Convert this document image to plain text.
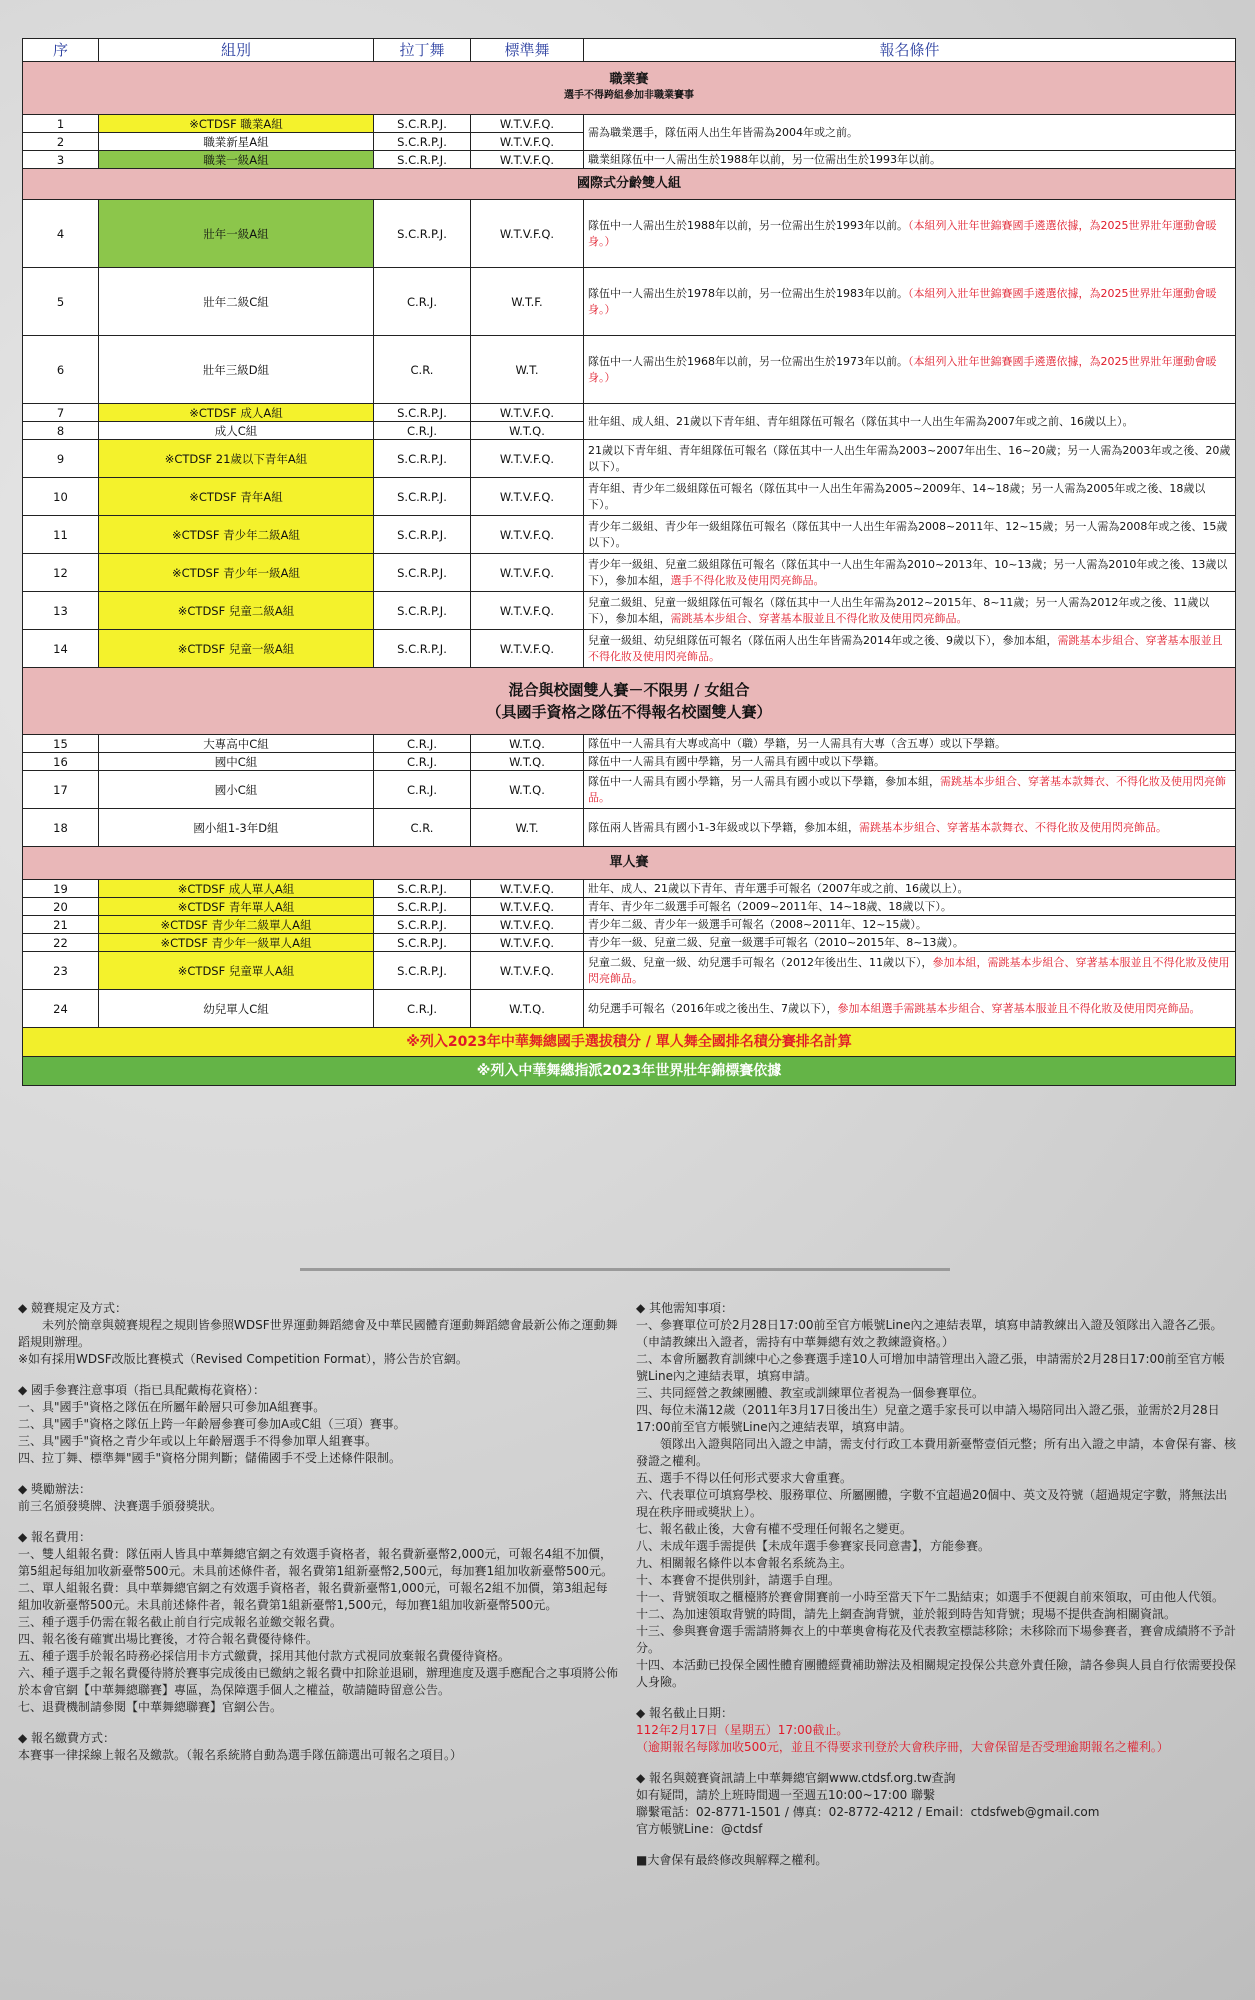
序	組別	拉丁舞	標準舞	報名條件

職業賽
選手不得跨組參加非職業賽事				

1	※CTDSF 職業A組	S.C.R.P.J.	W.T.V.F.Q.	需為職業選手，隊伍兩人出生年皆需為2004年或之前。
2	職業新星A組	S.C.R.P.J.	W.T.V.F.Q.	
3	職業一級A組	S.C.R.P.J.	W.T.V.F.Q.	職業組隊伍中一人需出生於1988年以前，另一位需出生於1993年以前。

國際式分齡雙人組				

4	壯年一級A組	S.C.R.P.J.	W.T.V.F.Q.	隊伍中一人需出生於1988年以前，另一位需出生於1993年以前。（本組列入壯年世錦賽國手遴選依據，為2025世界壯年運動會暖身。）
5	壯年二級C組	C.R.J.	W.T.F.	隊伍中一人需出生於1978年以前，另一位需出生於1983年以前。（本組列入壯年世錦賽國手遴選依據，為2025世界壯年運動會暖身。）
6	壯年三級D組	C.R.	W.T.	隊伍中一人需出生於1968年以前，另一位需出生於1973年以前。（本組列入壯年世錦賽國手遴選依據，為2025世界壯年運動會暖身。）
7	※CTDSF 成人A組	S.C.R.P.J.	W.T.V.F.Q.	壯年組、成人組、21歲以下青年組、青年組隊伍可報名（隊伍其中一人出生年需為2007年或之前、16歲以上）。
8	成人C組	C.R.J.	W.T.Q.	
9	※CTDSF 21歲以下青年A組	S.C.R.P.J.	W.T.V.F.Q.	21歲以下青年組、青年組隊伍可報名（隊伍其中一人出生年需為2003~2007年出生、16~20歲；另一人需為2003年或之後、20歲以下）。
10	※CTDSF 青年A組	S.C.R.P.J.	W.T.V.F.Q.	青年組、青少年二級組隊伍可報名（隊伍其中一人出生年需為2005~2009年、14~18歲；另一人需為2005年或之後、18歲以下）。
11	※CTDSF 青少年二級A組	S.C.R.P.J.	W.T.V.F.Q.	青少年二級組、青少年一級組隊伍可報名（隊伍其中一人出生年需為2008~2011年、12~15歲；另一人需為2008年或之後、15歲以下）。
12	※CTDSF 青少年一級A組	S.C.R.P.J.	W.T.V.F.Q.	青少年一級組、兒童二級組隊伍可報名（隊伍其中一人出生年需為2010~2013年、10~13歲；另一人需為2010年或之後、13歲以下），參加本組，選手不得化妝及使用閃亮飾品。
13	※CTDSF 兒童二級A組	S.C.R.P.J.	W.T.V.F.Q.	兒童二級組、兒童一級組隊伍可報名（隊伍其中一人出生年需為2012~2015年、8~11歲；另一人需為2012年或之後、11歲以下），參加本組，需跳基本步組合、穿著基本服並且不得化妝及使用閃亮飾品。
14	※CTDSF 兒童一級A組	S.C.R.P.J.	W.T.V.F.Q.	兒童一級組、幼兒組隊伍可報名（隊伍兩人出生年皆需為2014年或之後、9歲以下），參加本組，需跳基本步組合、穿著基本服並且不得化妝及使用閃亮飾品。

混合與校園雙人賽－不限男 / 女組合
（具國手資格之隊伍不得報名校園雙人賽）				

15	大專高中C組	C.R.J.	W.T.Q.	隊伍中一人需具有大專或高中（職）學籍，另一人需具有大專（含五專）或以下學籍。
16	國中C組	C.R.J.	W.T.Q.	隊伍中一人需具有國中學籍，另一人需具有國中或以下學籍。
17	國小C組	C.R.J.	W.T.Q.	隊伍中一人需具有國小學籍，另一人需具有國小或以下學籍，參加本組，需跳基本步組合、穿著基本款舞衣、不得化妝及使用閃亮飾品。
18	國小組1-3年D組	C.R.	W.T.	隊伍兩人皆需具有國小1-3年級或以下學籍，參加本組，需跳基本步組合、穿著基本款舞衣、不得化妝及使用閃亮飾品。

單人賽				

19	※CTDSF 成人單人A組	S.C.R.P.J.	W.T.V.F.Q.	壯年、成人、21歲以下青年、青年選手可報名（2007年或之前、16歲以上）。
20	※CTDSF 青年單人A組	S.C.R.P.J.	W.T.V.F.Q.	青年、青少年二級選手可報名（2009~2011年、14~18歲、18歲以下）。
21	※CTDSF 青少年二級單人A組	S.C.R.P.J.	W.T.V.F.Q.	青少年二級、青少年一級選手可報名（2008~2011年、12~15歲）。
22	※CTDSF 青少年一級單人A組	S.C.R.P.J.	W.T.V.F.Q.	青少年一級、兒童二級、兒童一級選手可報名（2010~2015年、8~13歲）。
23	※CTDSF 兒童單人A組	S.C.R.P.J.	W.T.V.F.Q.	兒童二級、兒童一級、幼兒選手可報名（2012年後出生、11歲以下），參加本組，需跳基本步組合、穿著基本服並且不得化妝及使用閃亮飾品。
24	幼兒單人C組	C.R.J.	W.T.Q.	幼兒選手可報名（2016年或之後出生、7歲以下），參加本組選手需跳基本步組合、穿著基本服並且不得化妝及使用閃亮飾品。
※列入2023年中華舞總國手選拔積分 / 單人舞全國排名積分賽排名計算				
※列入中華舞總指派2023年世界壯年錦標賽依據				
◆ 競賽規定及方式：
　　未列於簡章與競賽規程之規則皆參照WDSF世界運動舞蹈總會及中華民國體育運動舞蹈總會最新公佈之運動舞蹈規則辦理。
※如有採用WDSF改版比賽模式（Revised Competition Format），將公告於官網。
◆ 國手參賽注意事項（指已具配戴梅花資格）：
一、具"國手"資格之隊伍在所屬年齡層只可參加A組賽事。
二、具"國手"資格之隊伍上跨一年齡層參賽可參加A或C組（三項）賽事。
三、具"國手"資格之青少年或以上年齡層選手不得參加單人組賽事。
四、拉丁舞、標準舞"國手"資格分開判斷；儲備國手不受上述條件限制。
◆ 獎勵辦法：
前三名頒發獎牌、決賽選手頒發獎狀。
◆ 報名費用：
一、雙人組報名費：隊伍兩人皆具中華舞總官網之有效選手資格者，報名費新臺幣2,000元，可報名4組不加價，第5組起每組加收新臺幣500元。未具前述條件者，報名費第1組新臺幣2,500元，每加賽1組加收新臺幣500元。
二、單人組報名費：具中華舞總官網之有效選手資格者，報名費新臺幣1,000元，可報名2組不加價，第3組起每組加收新臺幣500元。未具前述條件者，報名費第1組新臺幣1,500元，每加賽1組加收新臺幣500元。
三、種子選手仍需在報名截止前自行完成報名並繳交報名費。
四、報名後有確實出場比賽後，才符合報名費優待條件。
五、種子選手於報名時務必採信用卡方式繳費，採用其他付款方式視同放棄報名費優待資格。
六、種子選手之報名費優待將於賽事完成後由已繳納之報名費中扣除並退刷，辦理進度及選手應配合之事項將公佈於本會官網【中華舞總聯賽】專區，為保障選手個人之權益，敬請隨時留意公告。
七、退費機制請參閱【中華舞總聯賽】官網公告。
◆ 報名繳費方式：
本賽事一律採線上報名及繳款。（報名系統將自動為選手隊伍篩選出可報名之項目。）
◆ 其他需知事項：
一、參賽單位可於2月28日17:00前至官方帳號Line內之連結表單，填寫申請教練出入證及領隊出入證各乙張。（申請教練出入證者，需持有中華舞總有效之教練證資格。）
二、本會所屬教育訓練中心之參賽選手達10人可增加申請管理出入證乙張，申請需於2月28日17:00前至官方帳號Line內之連結表單，填寫申請。
三、共同經營之教練團體、教室或訓練單位者視為一個參賽單位。
四、每位未滿12歲（2011年3月17日後出生）兒童之選手家長可以申請入場陪同出入證乙張，並需於2月28日17:00前至官方帳號Line內之連結表單，填寫申請。
　　領隊出入證與陪同出入證之申請，需支付行政工本費用新臺幣壹佰元整；所有出入證之申請，本會保有審、核發證之權利。
五、選手不得以任何形式要求大會重賽。
六、代表單位可填寫學校、服務單位、所屬團體，字數不宜超過20個中、英文及符號（超過規定字數，將無法出現在秩序冊或獎狀上）。
七、報名截止後，大會有權不受理任何報名之變更。
八、未成年選手需提供【未成年選手參賽家長同意書】，方能參賽。
九、相關報名條件以本會報名系統為主。
十、本賽會不提供別針，請選手自理。
十一、背號領取之櫃檯將於賽會開賽前一小時至當天下午二點結束；如選手不便親自前來領取，可由他人代領。
十二、為加速領取背號的時間，請先上網查詢背號，並於報到時告知背號；現場不提供查詢相關資訊。
十三、參與賽會選手需請將舞衣上的中華奧會梅花及代表教室標誌移除；未移除而下場參賽者，賽會成績將不予計分。
十四、本活動已投保全國性體育團體經費補助辦法及相關規定投保公共意外責任險，請各參與人員自行依需要投保人身險。
◆ 報名截止日期：
112年2月17日（星期五）17:00截止。
（逾期報名每隊加收500元，並且不得要求刊登於大會秩序冊，大會保留是否受理逾期報名之權利。）
◆ 報名與競賽資訊請上中華舞總官網www.ctdsf.org.tw查詢
如有疑問，請於上班時間週一至週五10:00~17:00 聯繫
聯繫電話：02-8771-1501 / 傳真：02-8772-4212 / Email：ctdsfweb@gmail.com
官方帳號Line：@ctdsf
■大會保有最終修改與解釋之權利。
